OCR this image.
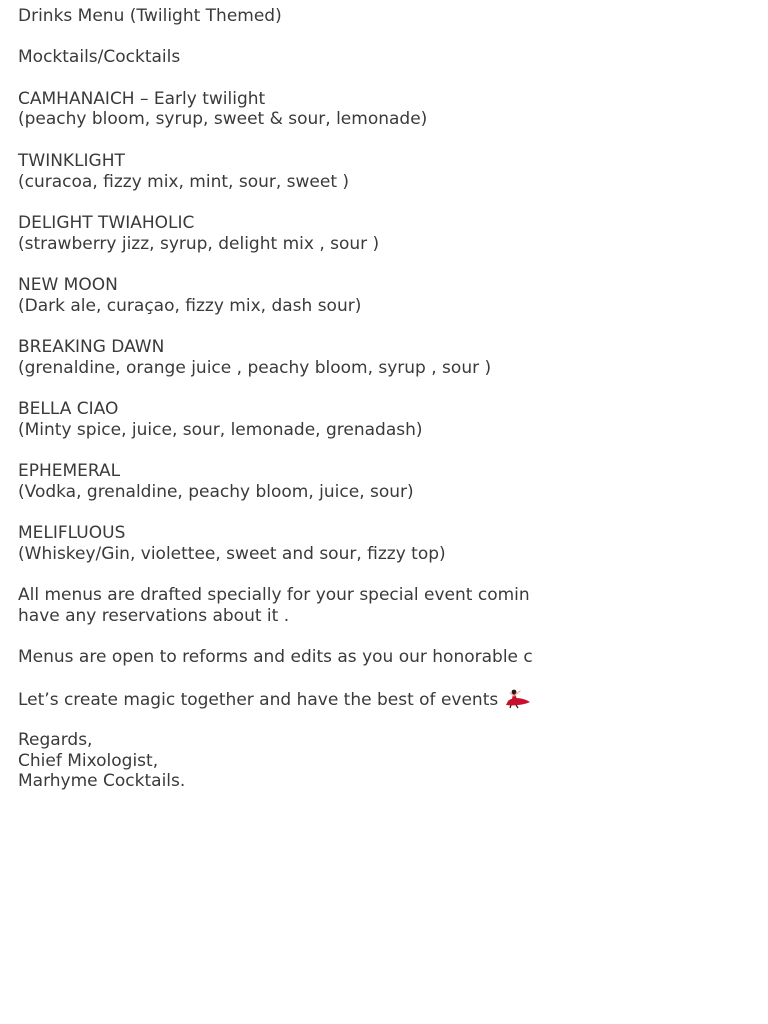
Drinks Menu (Twilight Themed)
Mocktails/Cocktails
CAMHANAICH – Early twilight
(peachy bloom, syrup, sweet & sour, lemonade)
TWINKLIGHT
(curacoa, fizzy mix, mint, sour, sweet )
DELIGHT TWIAHOLIC
(strawberry jizz, syrup, delight mix , sour )
NEW MOON
(Dark ale, curaçao, fizzy mix, dash sour)
BREAKING DAWN
(grenaldine, orange juice , peachy bloom, syrup , sour )
BELLA CIAO
(Minty spice, juice, sour, lemonade, grenadash)
EPHEMERAL
(Vodka, grenaldine, peachy bloom, juice, sour)
MELIFLUOUS
(Whiskey/Gin, violettee, sweet and sour, fizzy top)
All menus are drafted specially for your special event comin
have any reservations about it .
Menus are open to reforms and edits as you our honorable c
Let’s create magic together and have the best of events
Regards,
Chief Mixologist,
Marhyme Cocktails.
